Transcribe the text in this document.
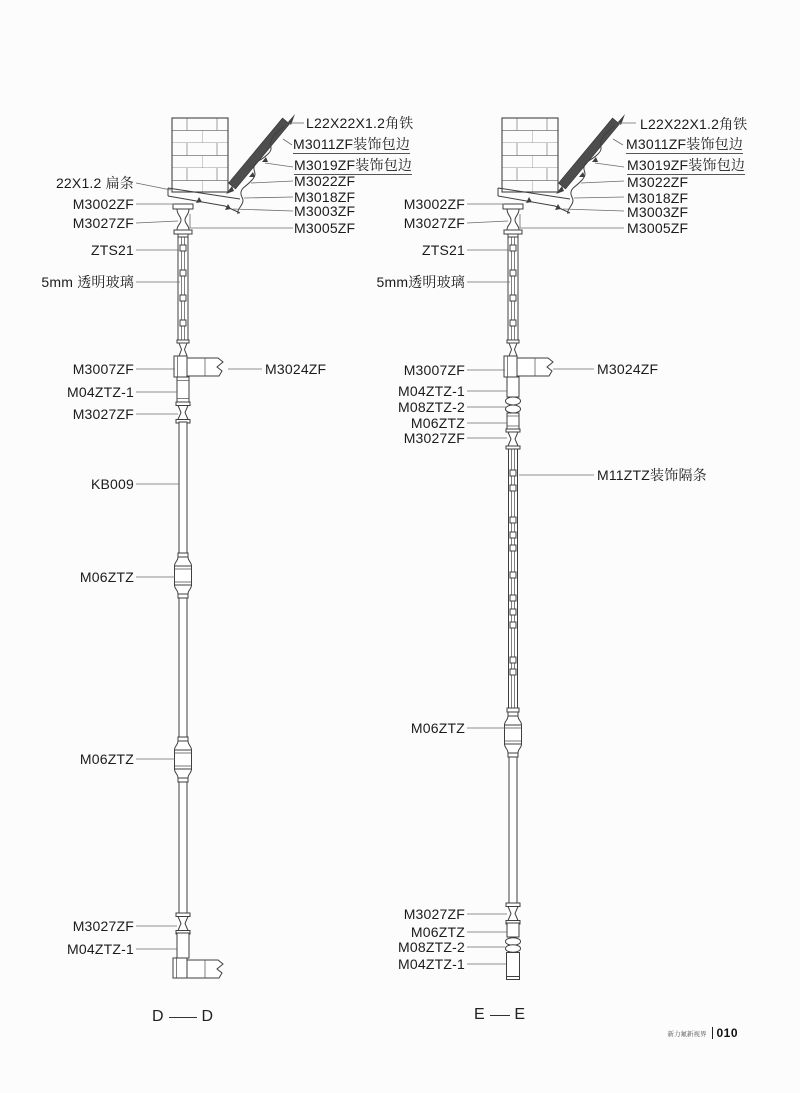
L22X22X1.2角铁
M3011ZF装饰包边
M3019ZF装饰包边
M3022ZF
M3018ZF
M3003ZF
M3005ZF
22X1.2 扁条
M3002ZF
M3027ZF
ZTS21
5mm 透明玻璃
M3007ZF	M3024ZF
M04ZTZ-1
M3027ZF
KB009
M06ZTZ
M06ZTZ
M3027ZF
M04ZTZ-1
D D
L22X22X1.2角铁
M3011ZF装饰包边
M3019ZF装饰包边
M3022ZF
M3018ZF
M3003ZF
M3005ZF
M3002ZF
M3027ZF
ZTS21
5mm透明玻璃
M3007ZF	M3024ZF
M04ZTZ-1
M08ZTZ-2
M06ZTZ
M3027ZF
M11ZTZ装饰隔条
M06ZTZ
M3027ZF
M06ZTZ
M08ZTZ-2
M04ZTZ-1
E E
新力氟新视界 010
